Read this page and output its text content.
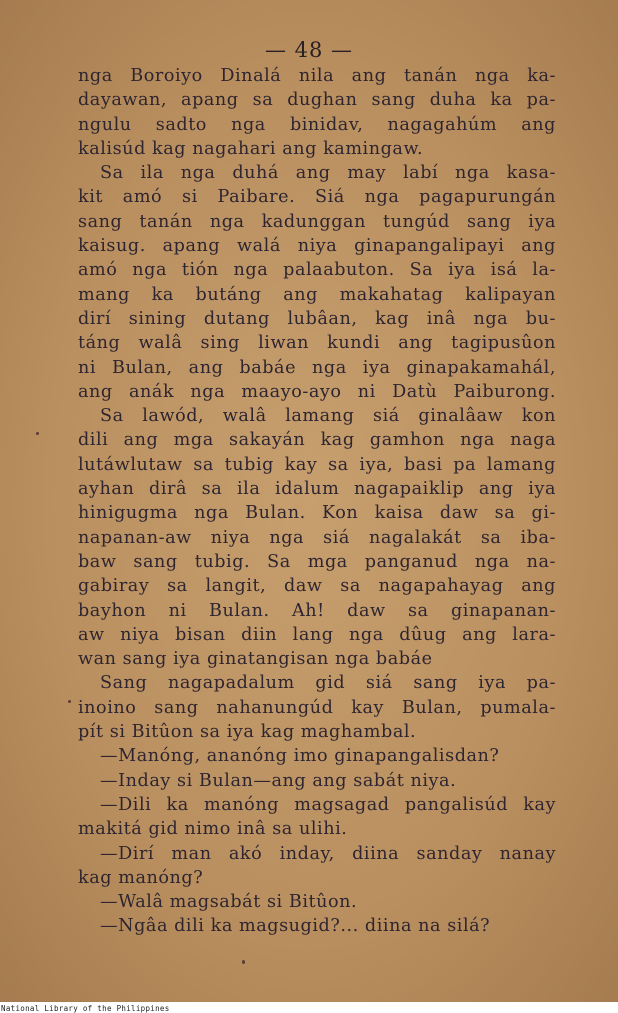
— 48 —
nga Boroiyo Dinalá nila ang tanán nga ka-
dayawan, apang sa dughan sang duha ka pa-
ngulu sadto nga binidav, nagagahúm ang
kalisúd kag nagahari ang kamingaw.
Sa ila nga duhá ang may labí nga kasa-
kit amó si Paibare. Siá nga pagapurungán
sang tanán nga kadunggan tungúd sang iya
kaisug. apang walá niya ginapangalipayi ang
amó nga tión nga palaabuton. Sa iya isá la-
mang ka butáng ang makahatag kalipayan
dirí sining dutang lubâan, kag inâ nga bu-
táng walâ sing liwan kundi ang tagipusûon
ni Bulan, ang babáe nga iya ginapakamahál,
ang anák nga maayo-ayo ni Datù Paiburong.
Sa lawód, walâ lamang siá ginalâaw kon
dili ang mga sakayán kag gamhon nga naga
lutáwlutaw sa tubig kay sa iya, basi pa lamang
ayhan dirâ sa ila idalum nagapaiklip ang iya
hinigugma nga Bulan. Kon kaisa daw sa gi-
napanan-aw niya nga siá nagalakát sa iba-
baw sang tubig. Sa mga panganud nga na-
gabiray sa langit, daw sa nagapahayag ang
bayhon ni Bulan. Ah! daw sa ginapanan-
aw niya bisan diin lang nga dûug ang lara-
wan sang iya ginatangisan nga babáe
Sang nagapadalum gid siá sang iya pa-
inoino sang nahanungúd kay Bulan, pumala-
pít si Bitûon sa iya kag maghambal.
—Manóng, ananóng imo ginapangalisdan?
—Inday si Bulan—ang ang sabát niya.
—Dili ka manóng magsagad pangalisúd kay
makitá gid nimo inâ sa ulihi.
—Dirí man akó inday, diina sanday nanay
kag manóng?
—Walâ magsabát si Bitûon.
—Ngâa dili ka magsugid?... diina na silá?
National Library of the Philippines
